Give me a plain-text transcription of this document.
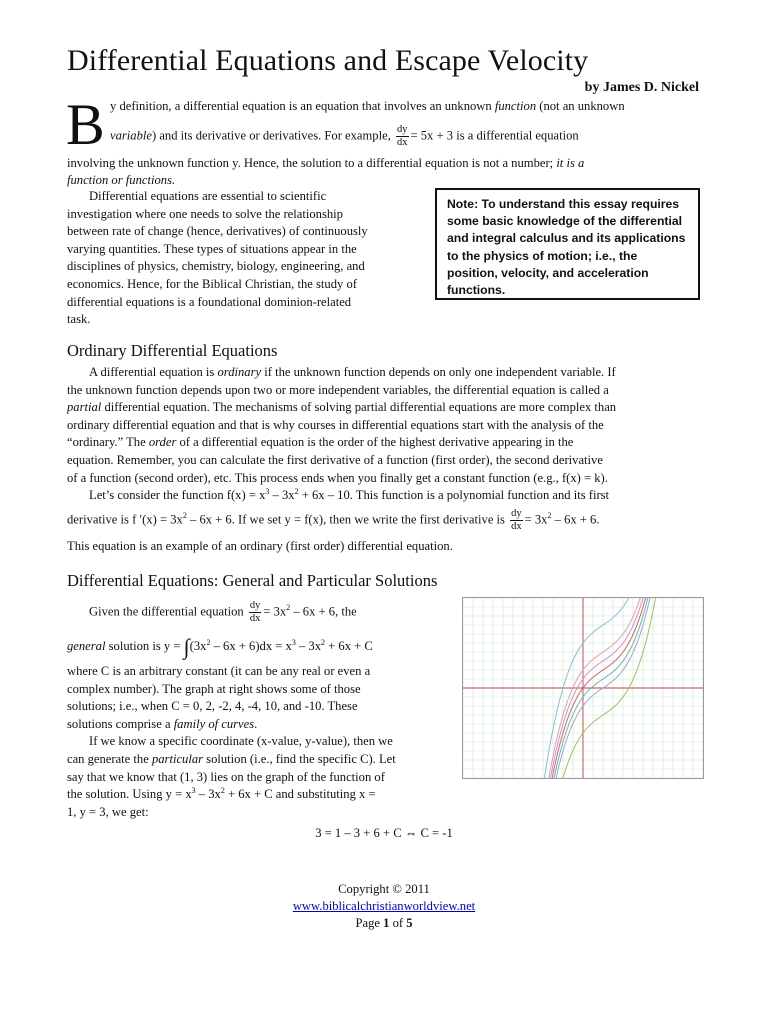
Differential Equations and Escape Velocity
by James D. Nickel
B y definition, a differential equation is an equation that involves an unknown function (not an unknown
variable) and its derivative or derivatives. For example, $\frac{dy}{dx} = 5x + 3$ is a differential equation
involving the unknown function y. Hence, the solution to a differential equation is not a number; it is a
function or functions.
Differential equations are essential to scientific
investigation where one needs to solve the relationship
between rate of change (hence, derivatives) of continuously
varying quantities. These types of situations appear in the
disciplines of physics, chemistry, biology, engineering, and
economics. Hence, for the Biblical Christian, the study of
differential equations is a foundational dominion-related
task.
Note: To understand this essay requires some basic knowledge of the differential and integral calculus and its applications to the physics of motion; i.e., the position, velocity, and acceleration functions.
Ordinary Differential Equations
A differential equation is ordinary if the unknown function depends on only one independent variable. If
the unknown function depends upon two or more independent variables, the differential equation is called a
partial differential equation. The mechanisms of solving partial differential equations are more complex than
ordinary differential equation and that is why courses in differential equations start with the analysis of the
“ordinary.” The order of a differential equation is the order of the highest derivative appearing in the
equation. Remember, you can calculate the first derivative of a function (first order), the second derivative
of a function (second order), etc. This process ends when you finally get a constant function (e.g., f(x) = k).
Let’s consider the function $f(x) = x^3 - 3x^2 + 6x - 10$. This function is a polynomial function and its first
derivative is f $'(x) = 3x^2 - 6x + 6$. If we set y = f(x), then we write the first derivative is $\frac{dy}{dx} = 3x^2 - 6x + 6$.
This equation is an example of an ordinary (first order) differential equation.
Differential Equations: General and Particular Solutions
Given the differential equation $\frac{dy}{dx} = 3x^2 - 6x + 6$, the
general solution is $y = \int(3x^2 - 6x + 6)dx = x^3 - 3x^2 + 6x + C$
where C is an arbitrary constant (it can be any real or even a
complex number). The graph at right shows some of those
solutions; i.e., when C = 0, 2, -2, 4, -4, 10, and -10. These
solutions comprise a family of curves.
If we know a specific coordinate (x-value, y-value), then we
can generate the particular solution (i.e., find the specific C). Let
say that we know that (1, 3) lies on the graph of the function of
the solution. Using $y = x^3 - 3x^2 + 6x + C$ and substituting x =
1, y = 3, we get:
3 = 1 – 3 + 6 + C ⇔ C = -1
Copyright © 2011
www.biblicalchristianworldview.net
Page 1 of 5
